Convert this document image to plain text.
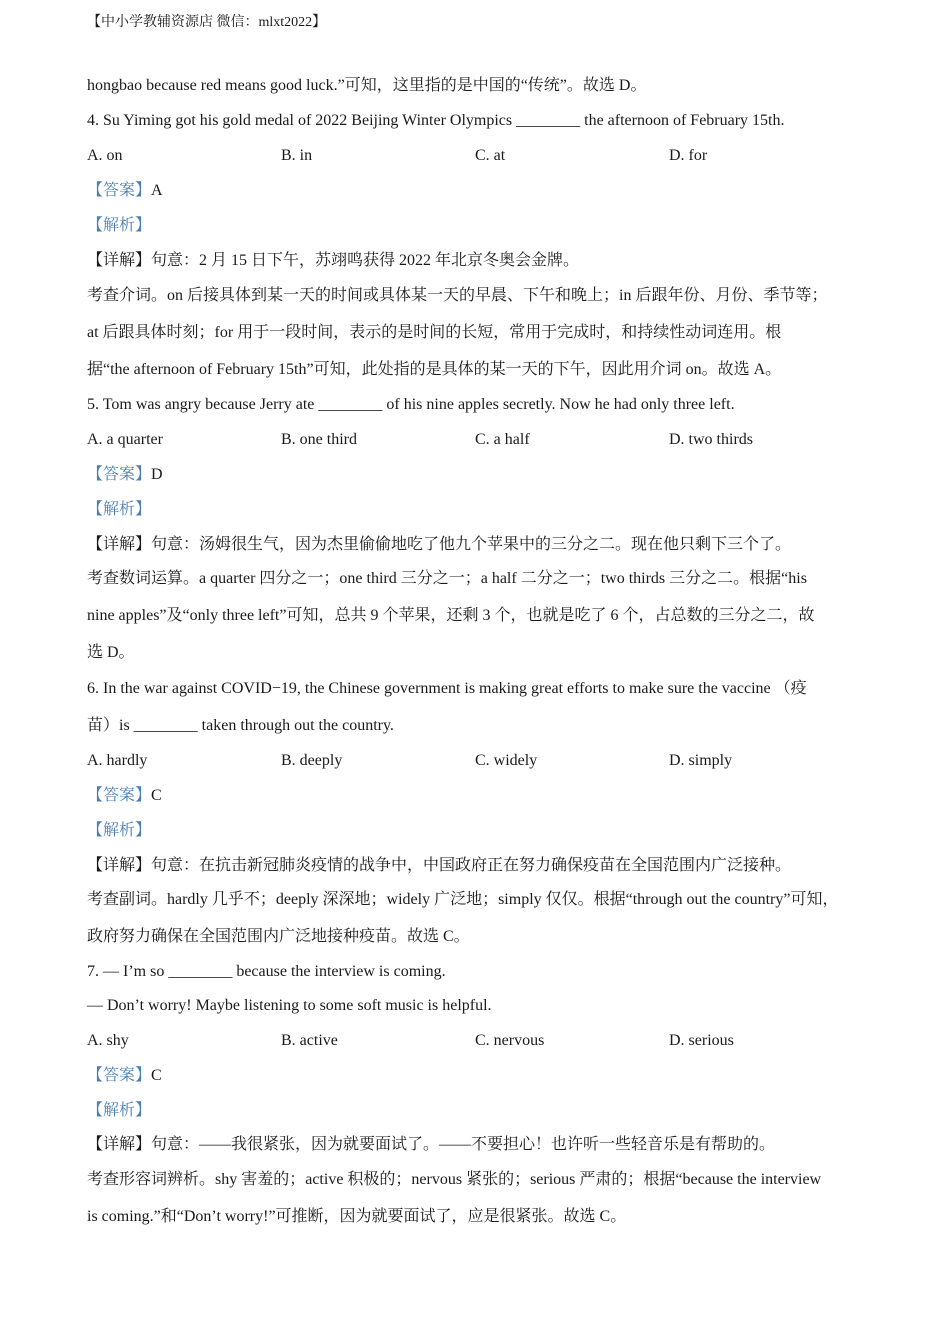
【中小学教辅资源店 微信：mlxt2022】
hongbao because red means good luck.”可知，这里指的是中国的“传统”。故选 D。
4. Su Yiming got his gold medal of 2022 Beijing Winter Olympics ________ the afternoon of February 15th.
A. on	B. in	C. at	D. for
【答案】A
【解析】
【详解】句意：2 月 15 日下午，苏翊鸣获得 2022 年北京冬奥会金牌。
考查介词。on 后接具体到某一天的时间或具体某一天的早晨、下午和晚上；in 后跟年份、月份、季节等；
at 后跟具体时刻；for 用于一段时间，表示的是时间的长短，常用于完成时，和持续性动词连用。根
据“the afternoon of February 15th”可知，此处指的是具体的某一天的下午，因此用介词 on。故选 A。
5. Tom was angry because Jerry ate ________ of his nine apples secretly. Now he had only three left.
A. a quarter	B. one third	C. a half	D. two thirds
【答案】D
【解析】
【详解】句意：汤姆很生气，因为杰里偷偷地吃了他九个苹果中的三分之二。现在他只剩下三个了。
考查数词运算。a quarter 四分之一；one third 三分之一；a half 二分之一；two thirds 三分之二。根据“his
nine apples”及“only three left”可知，总共 9 个苹果，还剩 3 个，也就是吃了 6 个，占总数的三分之二，故
选 D。
6. In the war against COVID−19, the Chinese government is making great efforts to make sure the vaccine （疫
苗）is ________ taken through out the country.
A. hardly	B. deeply	C. widely	D. simply
【答案】C
【解析】
【详解】句意：在抗击新冠肺炎疫情的战争中，中国政府正在努力确保疫苗在全国范围内广泛接种。
考查副词。hardly 几乎不；deeply 深深地；widely 广泛地；simply 仅仅。根据“through out the country”可知，
政府努力确保在全国范围内广泛地接种疫苗。故选 C。
7. — I’m so ________ because the interview is coming.
— Don’t worry! Maybe listening to some soft music is helpful.
A. shy	B. active	C. nervous	D. serious
【答案】C
【解析】
【详解】句意：——我很紧张，因为就要面试了。——不要担心！也许听一些轻音乐是有帮助的。
考查形容词辨析。shy 害羞的；active 积极的；nervous 紧张的；serious 严肃的；根据“because the interview
is coming.”和“Don’t worry!”可推断，因为就要面试了，应是很紧张。故选 C。
